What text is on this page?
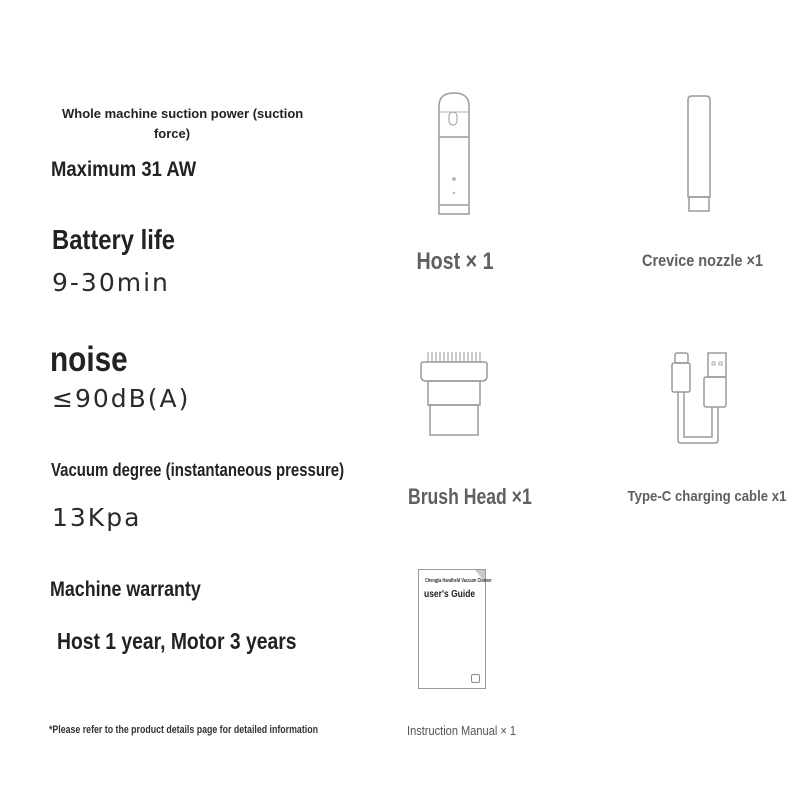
Whole machine suction power (suction
force)
Maximum 31 AW
Battery life
9-30min
noise
≤90dB(A)
Vacuum degree (instantaneous pressure)
13Kpa
Machine warranty
Host 1 year, Motor 3 years
*Please refer to the product details page for detailed information
Host × 1	Crevice nozzle ×1
Brush Head ×1	Type-C charging cable x1
Chengjia Handheld Vacuum Cleaner
user's Guide
Instruction Manual × 1
